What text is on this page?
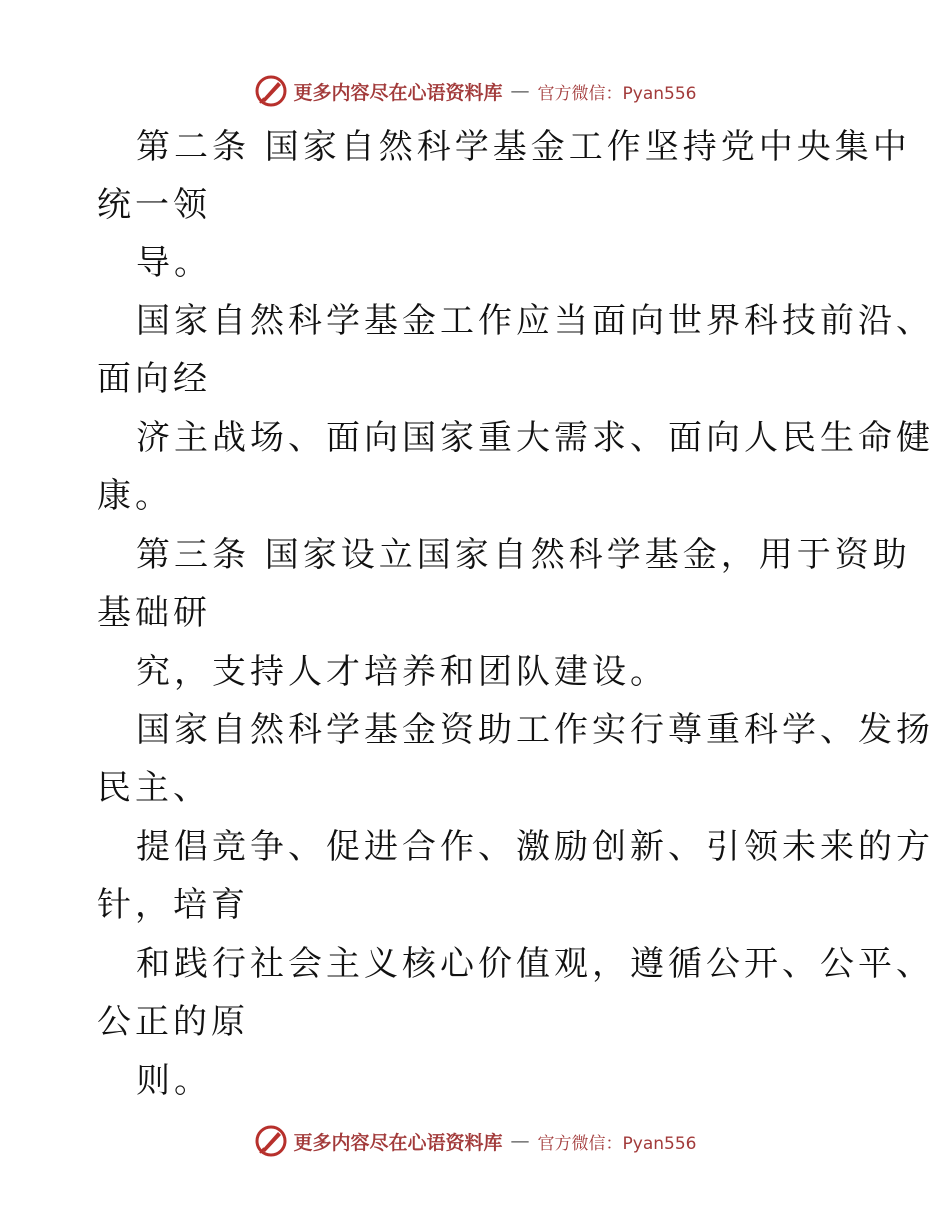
更多内容尽在心语资料库 — 官方微信：Pyan556
第二条 国家自然科学基金工作坚持党中央集中
统一领
导。
国家自然科学基金工作应当面向世界科技前沿、
面向经
济主战场、面向国家重大需求、面向人民生命健
康。
第三条 国家设立国家自然科学基金，用于资助
基础研
究，支持人才培养和团队建设。
国家自然科学基金资助工作实行尊重科学、发扬
民主、
提倡竞争、促进合作、激励创新、引领未来的方
针，培育
和践行社会主义核心价值观，遵循公开、公平、
公正的原
则。
更多内容尽在心语资料库 — 官方微信：Pyan556
